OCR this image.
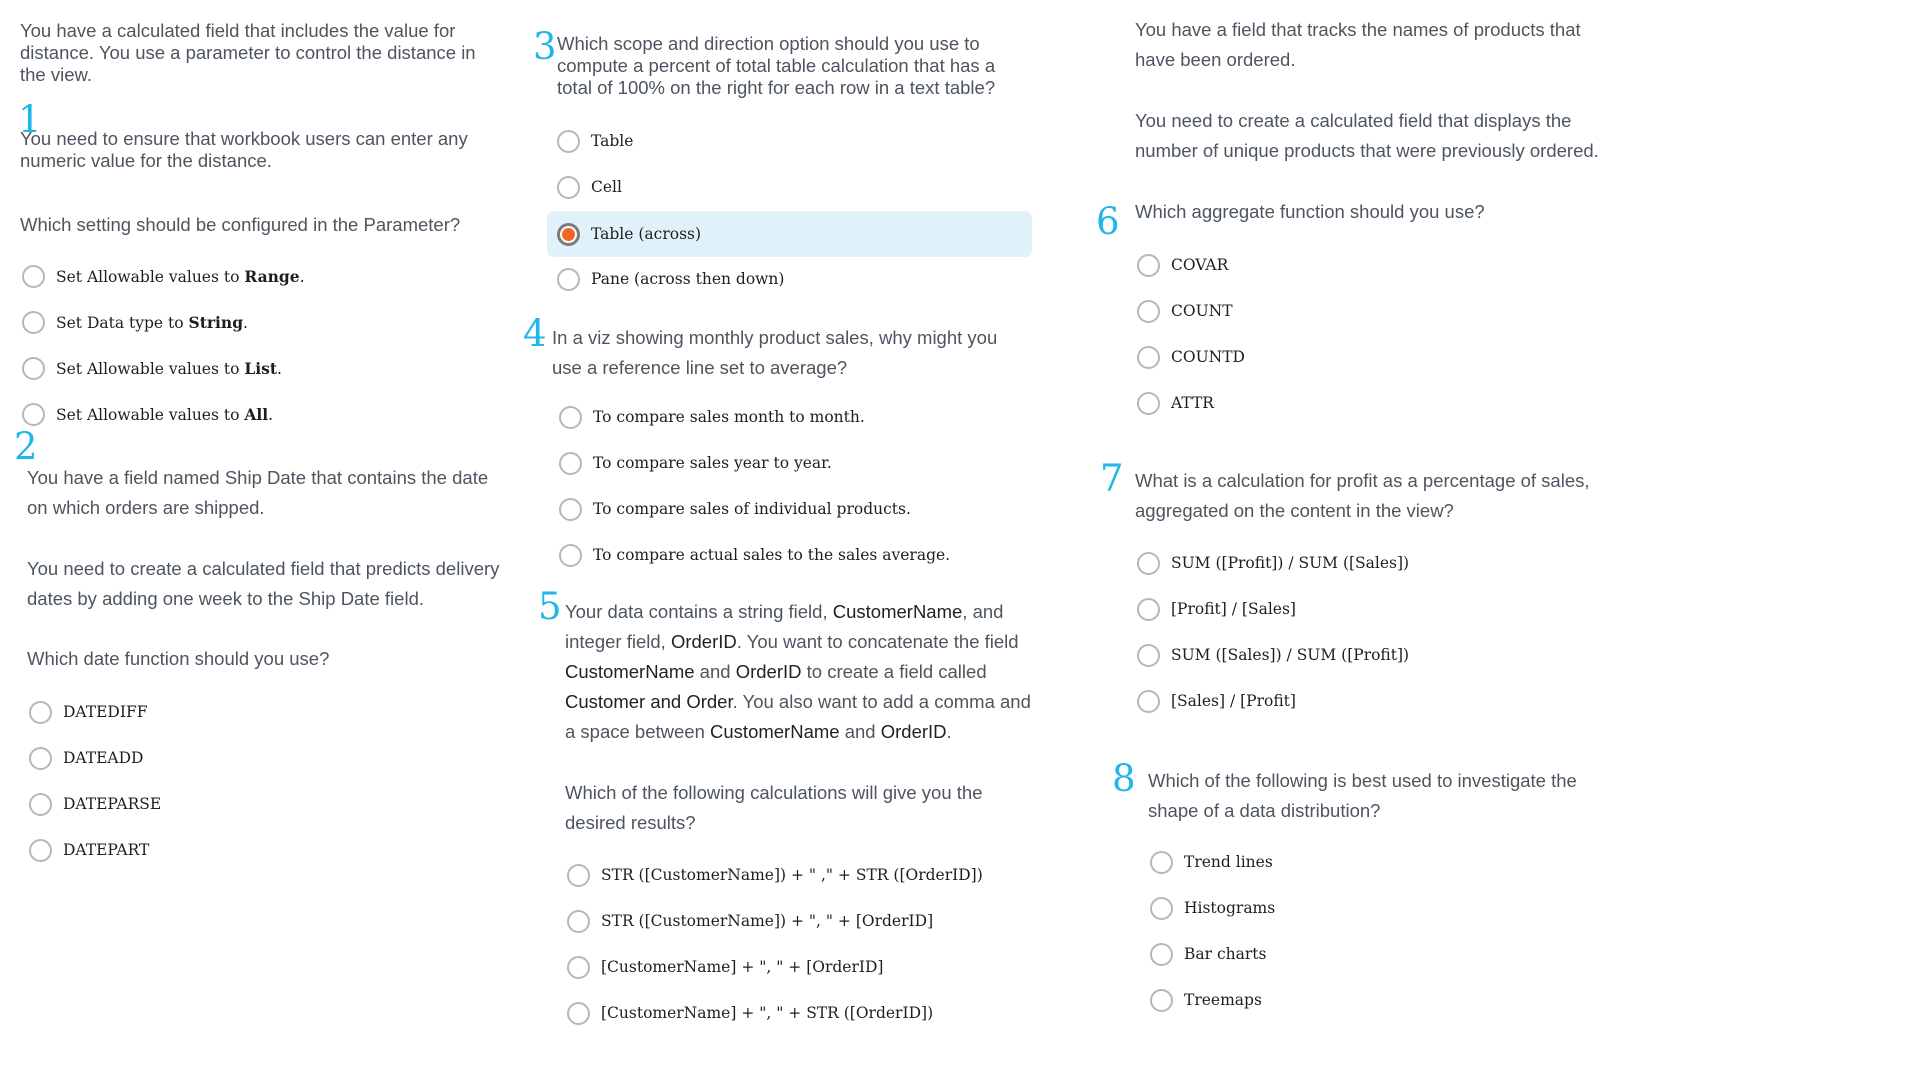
You have a calculated field that includes the value for distance. You use a parameter to control the distance in the view.

1

You need to ensure that workbook users can enter any numeric value for the distance.

Which setting should be configured in the Parameter?

Set Allowable values to Range.
Set Data type to String.
Set Allowable values to List.
Set Allowable values to All.
2

You have a field named Ship Date that contains the date on which orders are shipped.

You need to create a calculated field that predicts delivery dates by adding one week to the Ship Date field.

Which date function should you use?

DATEDIFF
DATEADD
DATEPARSE
DATEPART
3 Which scope and direction option should you use to compute a percent of total table calculation that has a total of 100% on the right for each row in a text table?

Table
Cell
Table (across)
Pane (across then down)
4 In a viz showing monthly product sales, why might you use a reference line set to average?

To compare sales month to month.
To compare sales year to year.
To compare sales of individual products.
To compare actual sales to the sales average.
5 Your data contains a string field, CustomerName, and integer field, OrderID. You want to concatenate the field CustomerName and OrderID to create a field called Customer and Order. You also want to add a comma and a space between CustomerName and OrderID.

Which of the following calculations will give you the desired results?

STR ([CustomerName]) + " ," + STR ([OrderID])
STR ([CustomerName]) + ", " + [OrderID]
[CustomerName] + ", " + [OrderID]
[CustomerName] + ", " + STR ([OrderID])

You have a field that tracks the names of products that have been ordered.

You need to create a calculated field that displays the number of unique products that were previously ordered.

6 Which aggregate function should you use?

COVAR
COUNT
COUNTD
ATTR
7 What is a calculation for profit as a percentage of sales, aggregated on the content in the view?

SUM ([Profit]) / SUM ([Sales])
[Profit] / [Sales]
SUM ([Sales]) / SUM ([Profit])
[Sales] / [Profit]
8 Which of the following is best used to investigate the shape of a data distribution?

Trend lines
Histograms
Bar charts
Treemaps
